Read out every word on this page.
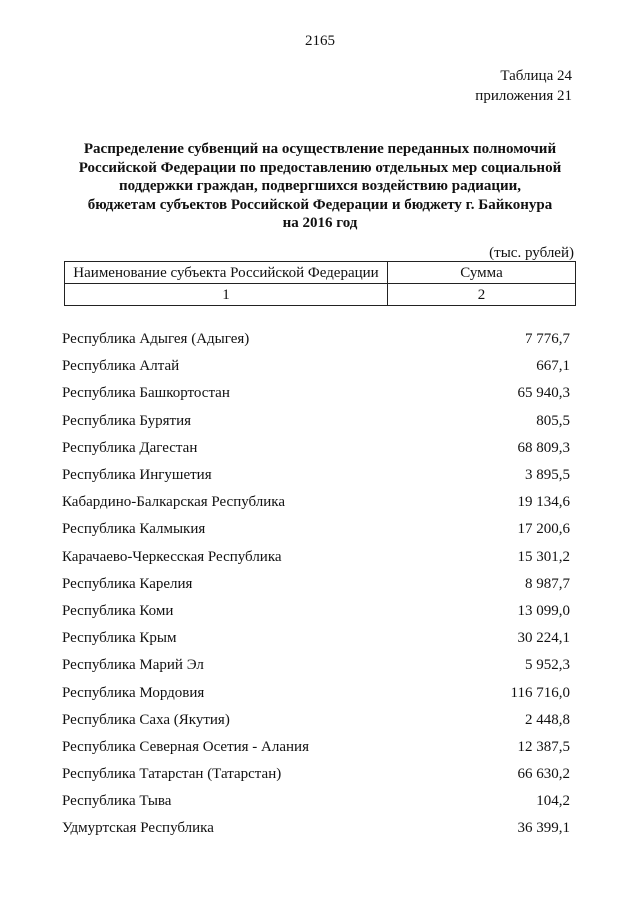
2165
Таблица 24
приложения 21
Распределение субвенций на осуществление переданных полномочий
Российской Федерации по предоставлению отдельных мер социальной
поддержки граждан, подвергшихся воздействию радиации,
бюджетам субъектов Российской Федерации и бюджету г. Байконура
на 2016 год
(тыс. рублей)
Наименование субъекта Российской Федерации	Сумма
1	2
Республика Адыгея (Адыгея)	7 776,7
Республика Алтай	667,1
Республика Башкортостан	65 940,3
Республика Бурятия	805,5
Республика Дагестан	68 809,3
Республика Ингушетия	3 895,5
Кабардино-Балкарская Республика	19 134,6
Республика Калмыкия	17 200,6
Карачаево-Черкесская Республика	15 301,2
Республика Карелия	8 987,7
Республика Коми	13 099,0
Республика Крым	30 224,1
Республика Марий Эл	5 952,3
Республика Мордовия	116 716,0
Республика Саха (Якутия)	2 448,8
Республика Северная Осетия - Алания	12 387,5
Республика Татарстан (Татарстан)	66 630,2
Республика Тыва	104,2
Удмуртская Республика	36 399,1
